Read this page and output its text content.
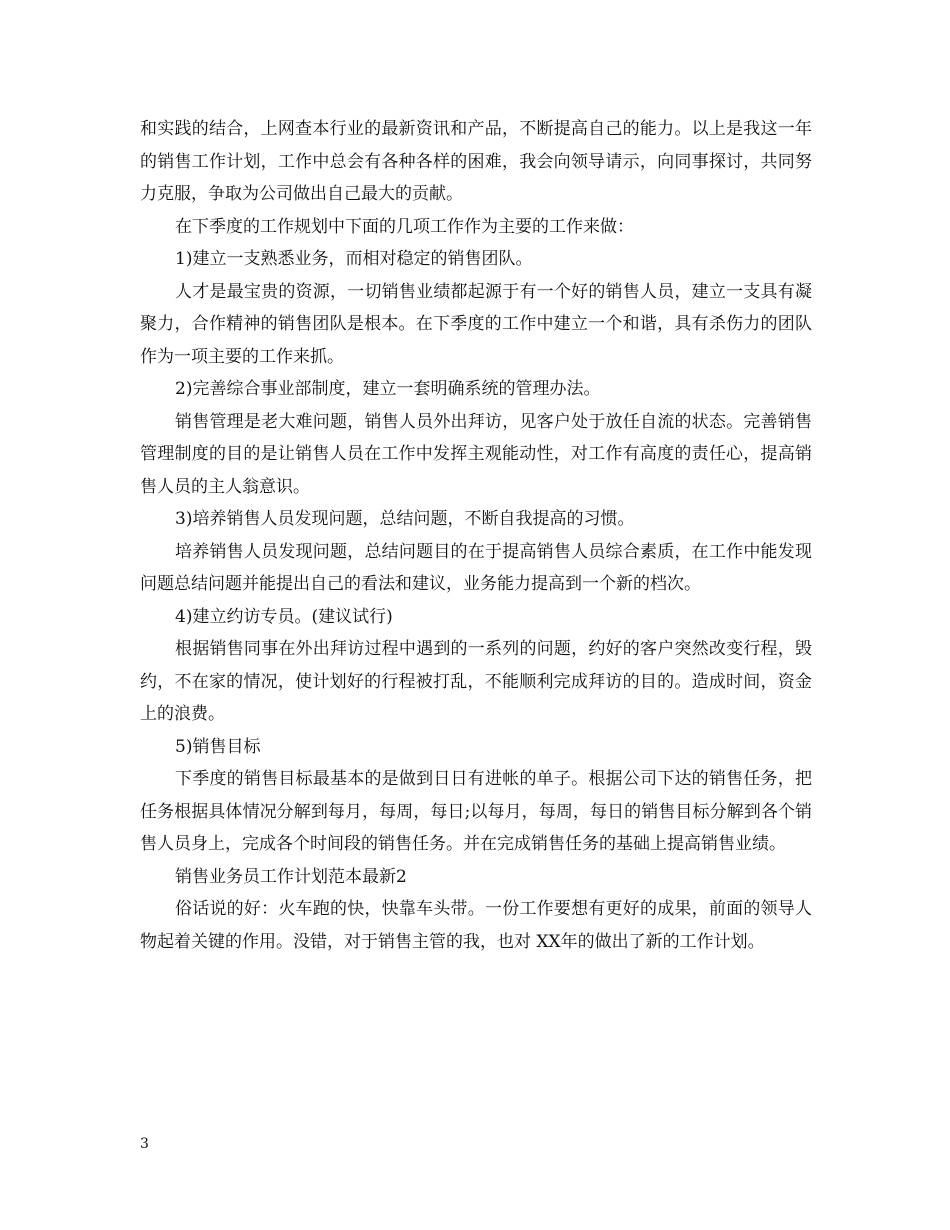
和实践的结合，上网查本行业的最新资讯和产品，不断提高自己的能力。以上是我这一年的销售工作计划，工作中总会有各种各样的困难，我会向领导请示，向同事探讨，共同努力克服，争取为公司做出自己最大的贡献。

在下季度的工作规划中下面的几项工作作为主要的工作来做：

1)建立一支熟悉业务，而相对稳定的销售团队。

人才是最宝贵的资源，一切销售业绩都起源于有一个好的销售人员，建立一支具有凝聚力，合作精神的销售团队是根本。在下季度的工作中建立一个和谐，具有杀伤力的团队作为一项主要的工作来抓。

2)完善综合事业部制度，建立一套明确系统的管理办法。

销售管理是老大难问题，销售人员外出拜访，见客户处于放任自流的状态。完善销售管理制度的目的是让销售人员在工作中发挥主观能动性，对工作有高度的责任心，提高销售人员的主人翁意识。

3)培养销售人员发现问题，总结问题，不断自我提高的习惯。

培养销售人员发现问题，总结问题目的在于提高销售人员综合素质，在工作中能发现问题总结问题并能提出自己的看法和建议，业务能力提高到一个新的档次。

4)建立约访专员。(建议试行)

根据销售同事在外出拜访过程中遇到的一系列的问题，约好的客户突然改变行程，毁约，不在家的情况，使计划好的行程被打乱，不能顺利完成拜访的目的。造成时间，资金上的浪费。

5)销售目标

下季度的销售目标最基本的是做到日日有进帐的单子。根据公司下达的销售任务，把任务根据具体情况分解到每月，每周，每日;以每月，每周，每日的销售目标分解到各个销售人员身上，完成各个时间段的销售任务。并在完成销售任务的基础上提高销售业绩。

销售业务员工作计划范本最新2

俗话说的好：火车跑的快，快靠车头带。一份工作要想有更好的成果，前面的领导人物起着关键的作用。没错，对于销售主管的我，也对 XX年的做出了新的工作计划。

3
